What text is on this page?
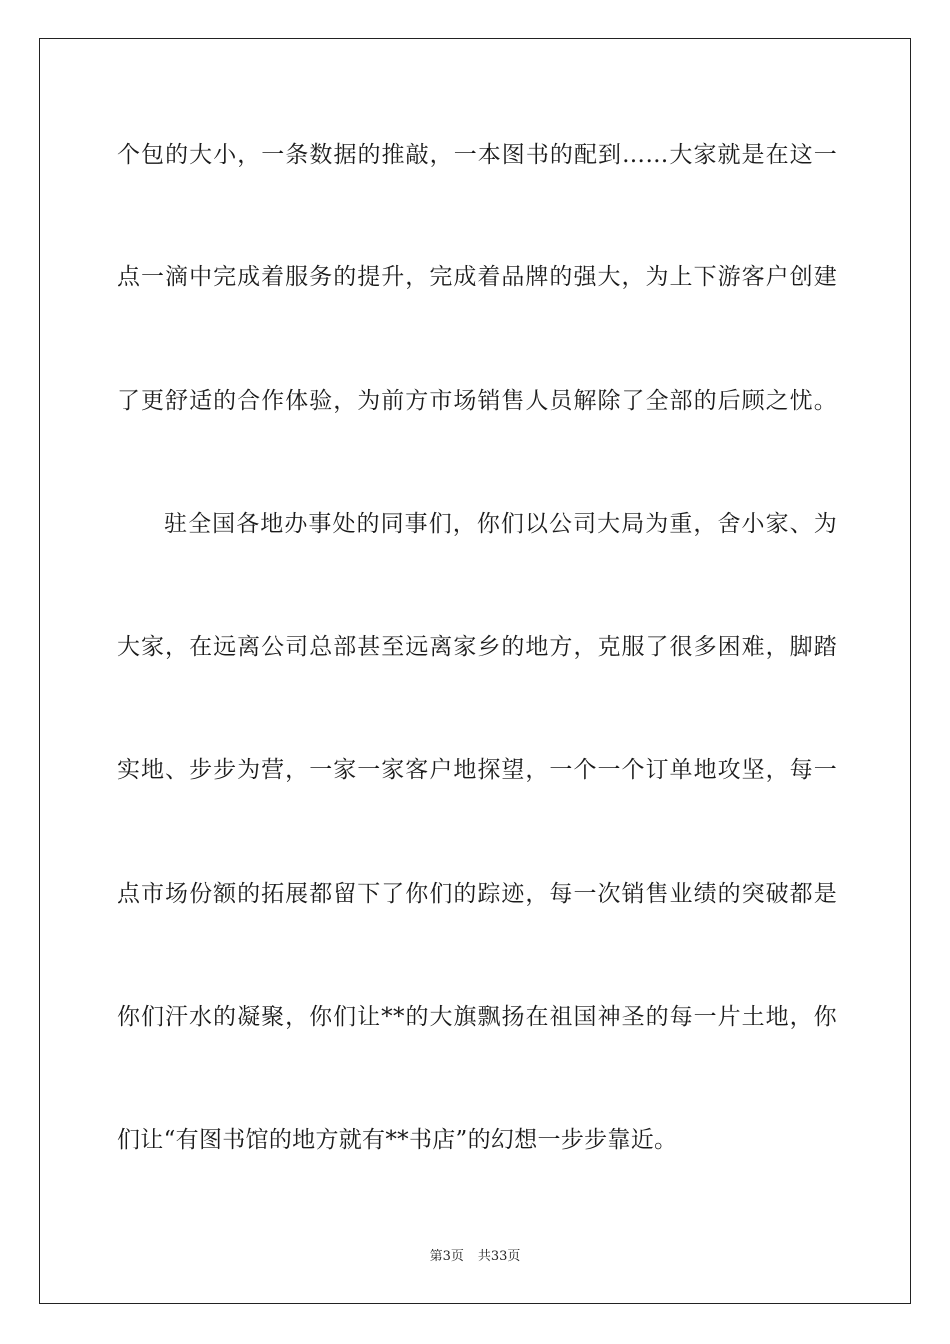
个包的大小，一条数据的推敲，一本图书的配到……大家就是在这一
点一滴中完成着服务的提升，完成着品牌的强大，为上下游客户创建
了更舒适的合作体验，为前方市场销售人员解除了全部的后顾之忧。
驻全国各地办事处的同事们，你们以公司大局为重，舍小家、为
大家，在远离公司总部甚至远离家乡的地方，克服了很多困难，脚踏
实地、步步为营，一家一家客户地探望，一个一个订单地攻坚，每一
点市场份额的拓展都留下了你们的踪迹，每一次销售业绩的突破都是
你们汗水的凝聚，你们让**的大旗飘扬在祖国神圣的每一片土地，你
们让“有图书馆的地方就有**书店”的幻想一步步靠近。
第3页 共33页
